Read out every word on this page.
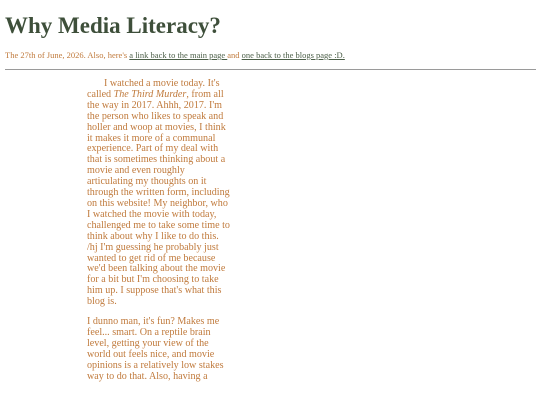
Why Media Literacy?
The 27th of June, 2026. Also, here's a link back to the main page and one back to the blogs page :D.

I watched a movie today. It's called The Third Murder, from all the way in 2017. Ahhh, 2017. I'm the person who likes to speak and holler and woop at movies, I think it makes it more of a communal experience. Part of my deal with that is sometimes thinking about a movie and even roughly articulating my thoughts on it through the written form, including on this website! My neighbor, who I watched the movie with today, challenged me to take some time to think about why I like to do this. /hj I'm guessing he probably just wanted to get rid of me because we'd been talking about the movie for a bit but I'm choosing to take him up. I suppose that's what this blog is.

I dunno man, it's fun? Makes me feel... smart. On a reptile brain level, getting your view of the world out feels nice, and movie opinions is a relatively low stakes way to do that. Also, having a
